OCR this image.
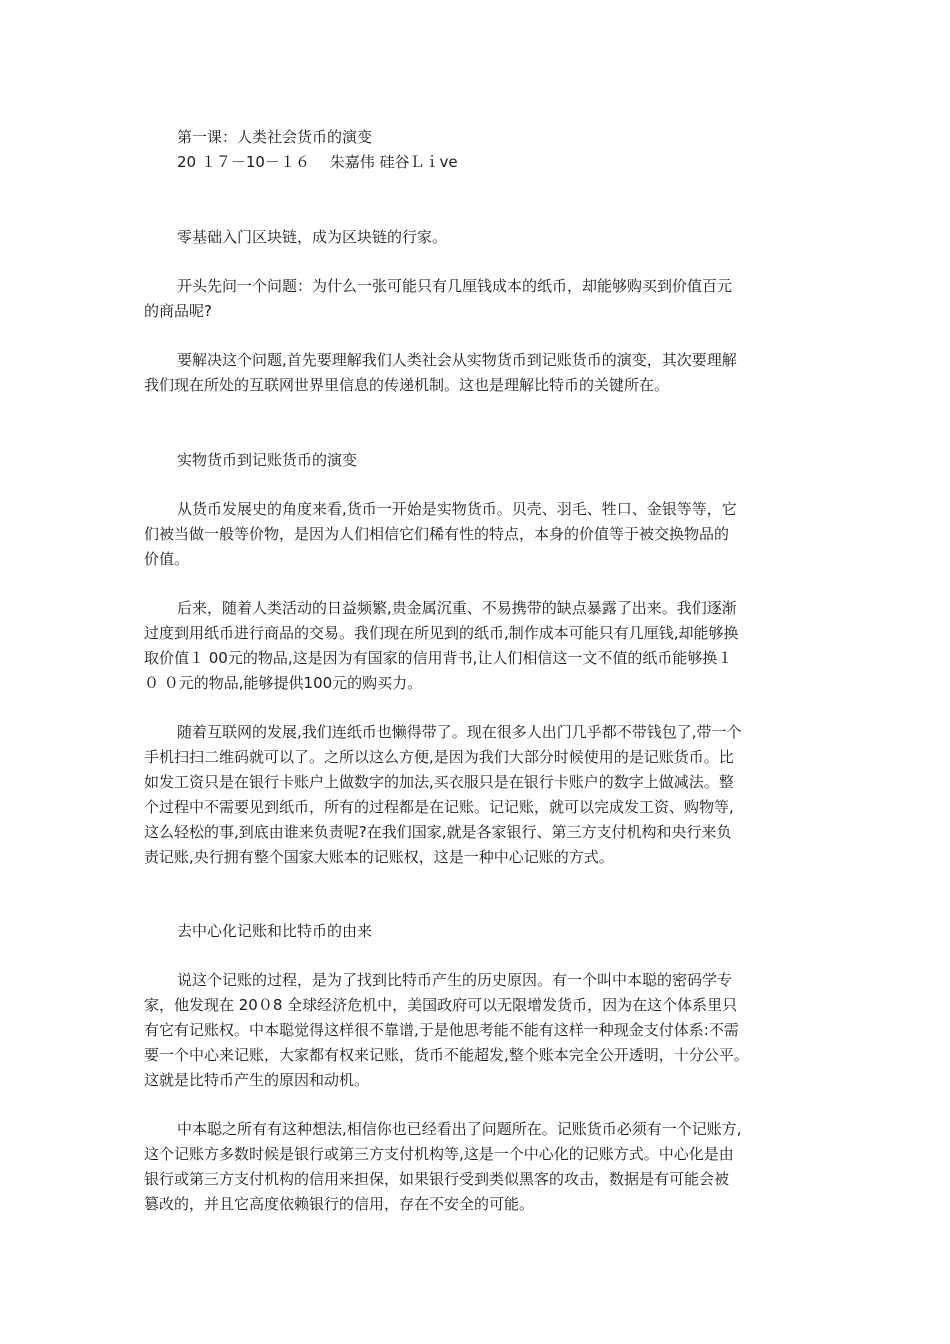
第一课：人类社会货币的演变
20 １７－10－１６　 朱嘉伟 硅谷Ｌｉve
零基础入门区块链，成为区块链的行家。
开头先问一个问题：为什么一张可能只有几厘钱成本的纸币，却能够购买到价值百元
的商品呢?
要解决这个问题,首先要理解我们人类社会从实物货币到记账货币的演变，其次要理解
我们现在所处的互联网世界里信息的传递机制。这也是理解比特币的关键所在。
实物货币到记账货币的演变
从货币发展史的角度来看,货币一开始是实物货币。贝壳、羽毛、牲口、金银等等，它
们被当做一般等价物，是因为人们相信它们稀有性的特点，本身的价值等于被交换物品的
价值。
后来，随着人类活动的日益频繁,贵金属沉重、不易携带的缺点暴露了出来。我们逐渐
过度到用纸币进行商品的交易。我们现在所见到的纸币,制作成本可能只有几厘钱,却能够换
取价值１ 00元的物品,这是因为有国家的信用背书,让人们相信这一文不值的纸币能够换１
０ ０元的物品,能够提供100元的购买力。
随着互联网的发展,我们连纸币也懒得带了。现在很多人出门几乎都不带钱包了,带一个
手机扫扫二维码就可以了。之所以这么方便,是因为我们大部分时候使用的是记账货币。比
如发工资只是在银行卡账户上做数字的加法,买衣服只是在银行卡账户的数字上做减法。整
个过程中不需要见到纸币，所有的过程都是在记账。记记账，就可以完成发工资、购物等,
这么轻松的事,到底由谁来负责呢?在我们国家,就是各家银行、第三方支付机构和央行来负
责记账,央行拥有整个国家大账本的记账权，这是一种中心记账的方式。
去中心化记账和比特币的由来
说这个记账的过程，是为了找到比特币产生的历史原因。有一个叫中本聪的密码学专
家，他发现在 20０8 全球经济危机中，美国政府可以无限增发货币，因为在这个体系里只
有它有记账权。中本聪觉得这样很不靠谱,于是他思考能不能有这样一种现金支付体系:不需
要一个中心来记账，大家都有权来记账，货币不能超发,整个账本完全公开透明，十分公平。
这就是比特币产生的原因和动机。
中本聪之所有有这种想法,相信你也已经看出了问题所在。记账货币必须有一个记账方,
这个记账方多数时候是银行或第三方支付机构等,这是一个中心化的记账方式。中心化是由
银行或第三方支付机构的信用来担保，如果银行受到类似黑客的攻击，数据是有可能会被
篡改的，并且它高度依赖银行的信用，存在不安全的可能。
